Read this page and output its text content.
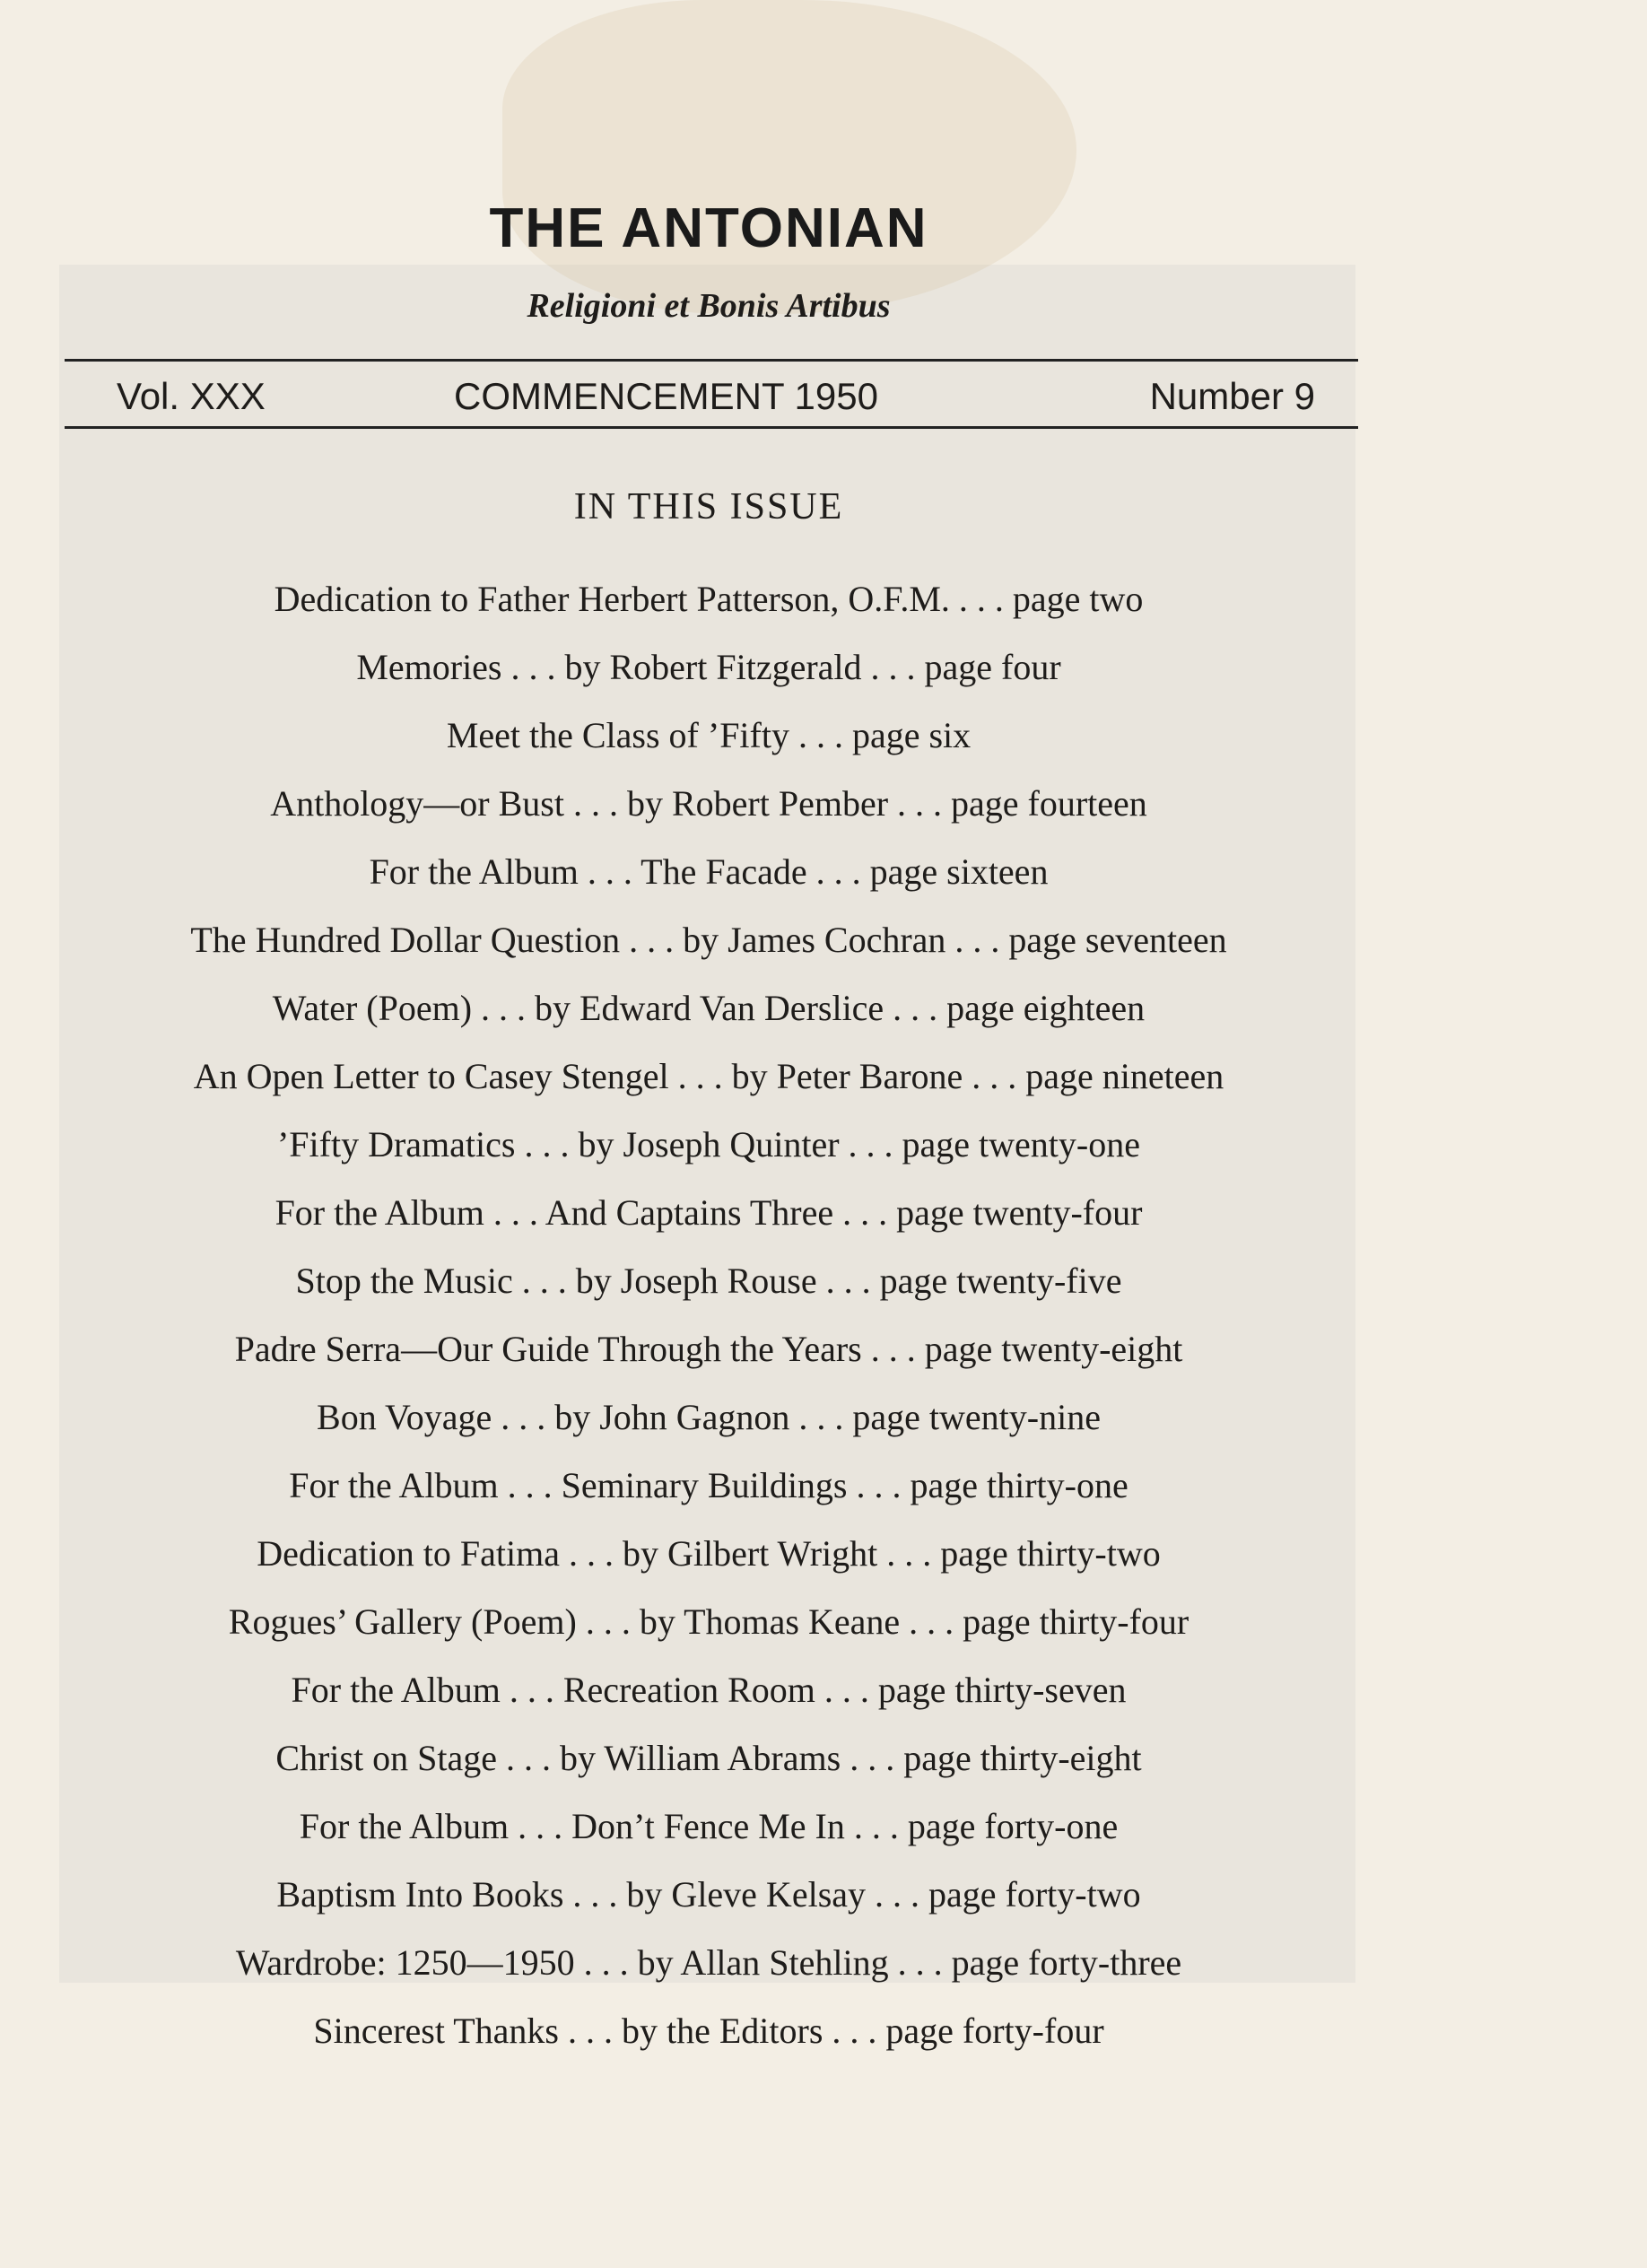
THE ANTONIAN
Religioni et Bonis Artibus
Vol. XXX	COMMENCEMENT 1950	Number 9
IN THIS ISSUE
Dedication to Father Herbert Patterson, O.F.M. . . . page two
Memories . . . by Robert Fitzgerald . . . page four
Meet the Class of ’Fifty . . . page six
Anthology—or Bust . . . by Robert Pember . . . page fourteen
For the Album . . . The Facade . . . page sixteen
The Hundred Dollar Question . . . by James Cochran . . . page seventeen
Water (Poem) . . . by Edward Van Derslice . . . page eighteen
An Open Letter to Casey Stengel . . . by Peter Barone . . . page nineteen
’Fifty Dramatics . . . by Joseph Quinter . . . page twenty-one
For the Album . . . And Captains Three . . . page twenty-four
Stop the Music . . . by Joseph Rouse . . . page twenty-five
Padre Serra—Our Guide Through the Years . . . page twenty-eight
Bon Voyage . . . by John Gagnon . . . page twenty-nine
For the Album . . . Seminary Buildings . . . page thirty-one
Dedication to Fatima . . . by Gilbert Wright . . . page thirty-two
Rogues’ Gallery (Poem) . . . by Thomas Keane . . . page thirty-four
For the Album . . . Recreation Room . . . page thirty-seven
Christ on Stage . . . by William Abrams . . . page thirty-eight
For the Album . . . Don’t Fence Me In . . . page forty-one
Baptism Into Books . . . by Gleve Kelsay . . . page forty-two
Wardrobe: 1250—1950 . . . by Allan Stehling . . . page forty-three
Sincerest Thanks . . . by the Editors . . . page forty-four
